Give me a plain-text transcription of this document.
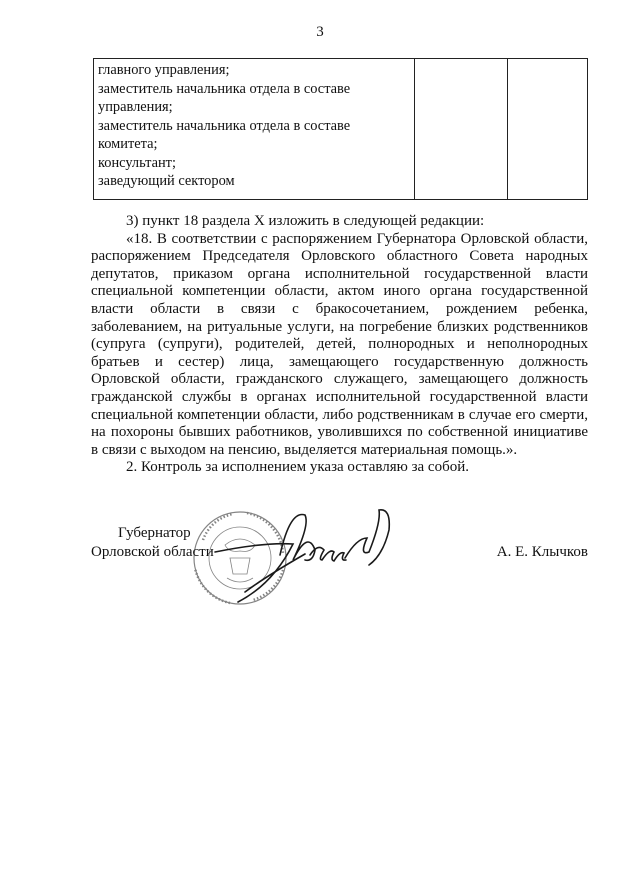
3
главного управления;
заместитель начальника отдела в составе
управления;
заместитель начальника отдела в составе
комитета;
консультант;
заведующий сектором

3) пункт 18 раздела X изложить в следующей редакции:

«18. В соответствии с распоряжением Губернатора Орловской области, распоряжением Председателя Орловского областного Совета народных депутатов, приказом органа исполнительной государственной власти специальной компетенции области, актом иного органа государственной власти области в связи с бракосочетанием, рождением ребенка, заболеванием, на ритуальные услуги, на погребение близких родственников (супруга (супруги), родителей, детей, полнородных и неполнородных братьев и сестер) лица, замещающего государственную должность Орловской области, гражданского служащего, замещающего должность гражданской службы в органах исполнительной государственной власти специальной компетенции области, либо родственникам в случае его смерти, на похороны бывших работников, уволившихся по собственной инициативе в связи с выходом на пенсию, выделяется материальная помощь.».

2. Контроль за исполнением указа оставляю за собой.

Губернатор
Орловской области	А. Е. Клычков
